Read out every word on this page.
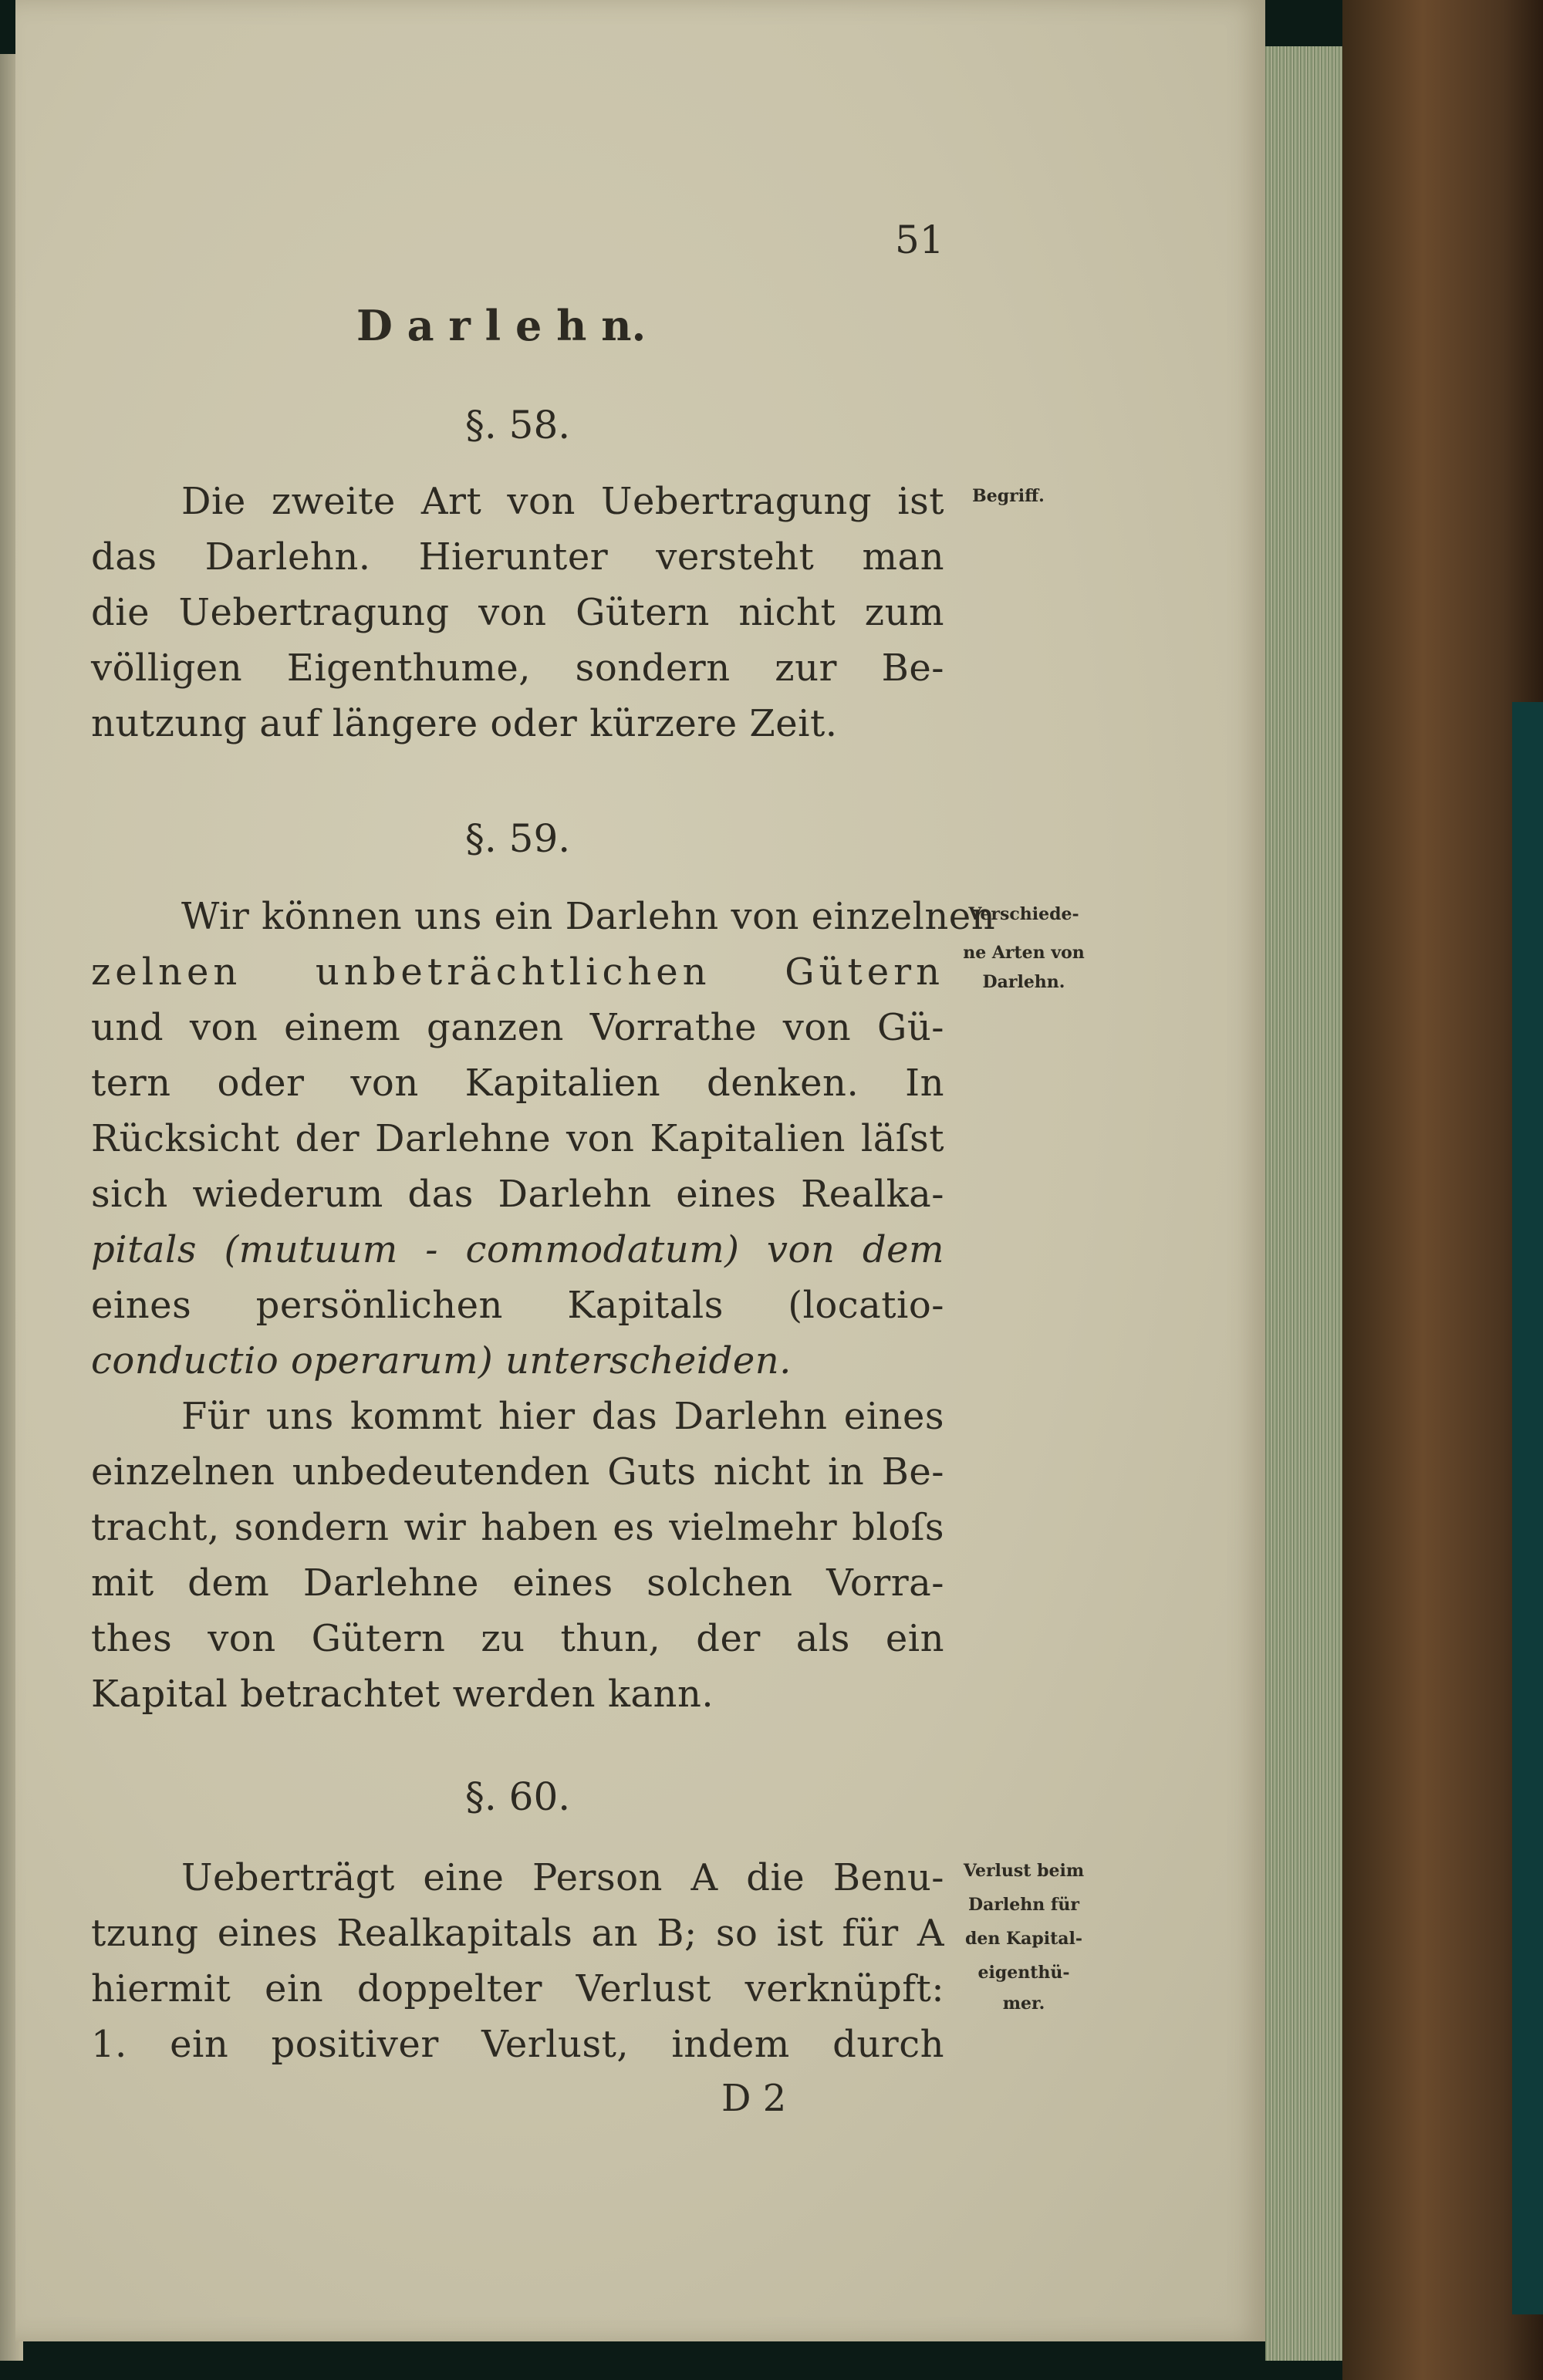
51

D a r l e h n.

§. 58.

Begriff.

Die zweite Art von Uebertragung ist

das Darlehn. Hierunter versteht man

die Uebertragung von Gütern nicht zum

völligen Eigenthume, sondern zur Be-

nutzung auf längere oder kürzere Zeit.

§. 59.

Verschiede-

ne Arten von

Darlehn.

Wir können uns ein Darlehn von einzelnen

zelnen unbeträchtlichen Gütern

und von einem ganzen Vorrathe von Gü-

tern oder von Kapitalien denken. In

Rücksicht der Darlehne von Kapitalien läſst

sich wiederum das Darlehn eines Realka-

pitals (mutuum - commodatum) von dem

eines persönlichen Kapitals (locatio-

conductio operarum) unterscheiden.

Für uns kommt hier das Darlehn eines

einzelnen unbedeutenden Guts nicht in Be-

tracht, sondern wir haben es vielmehr bloſs

mit dem Darlehne eines solchen Vorra-

thes von Gütern zu thun, der als ein

Kapital betrachtet werden kann.

§. 60.

Verlust beim

Darlehn für

den Kapital-

eigenthü-

mer.

Ueberträgt eine Person A die Benu-

tzung eines Realkapitals an B; so ist für A

hiermit ein doppelter Verlust verknüpft:

1. ein positiver Verlust, indem durch

D 2
